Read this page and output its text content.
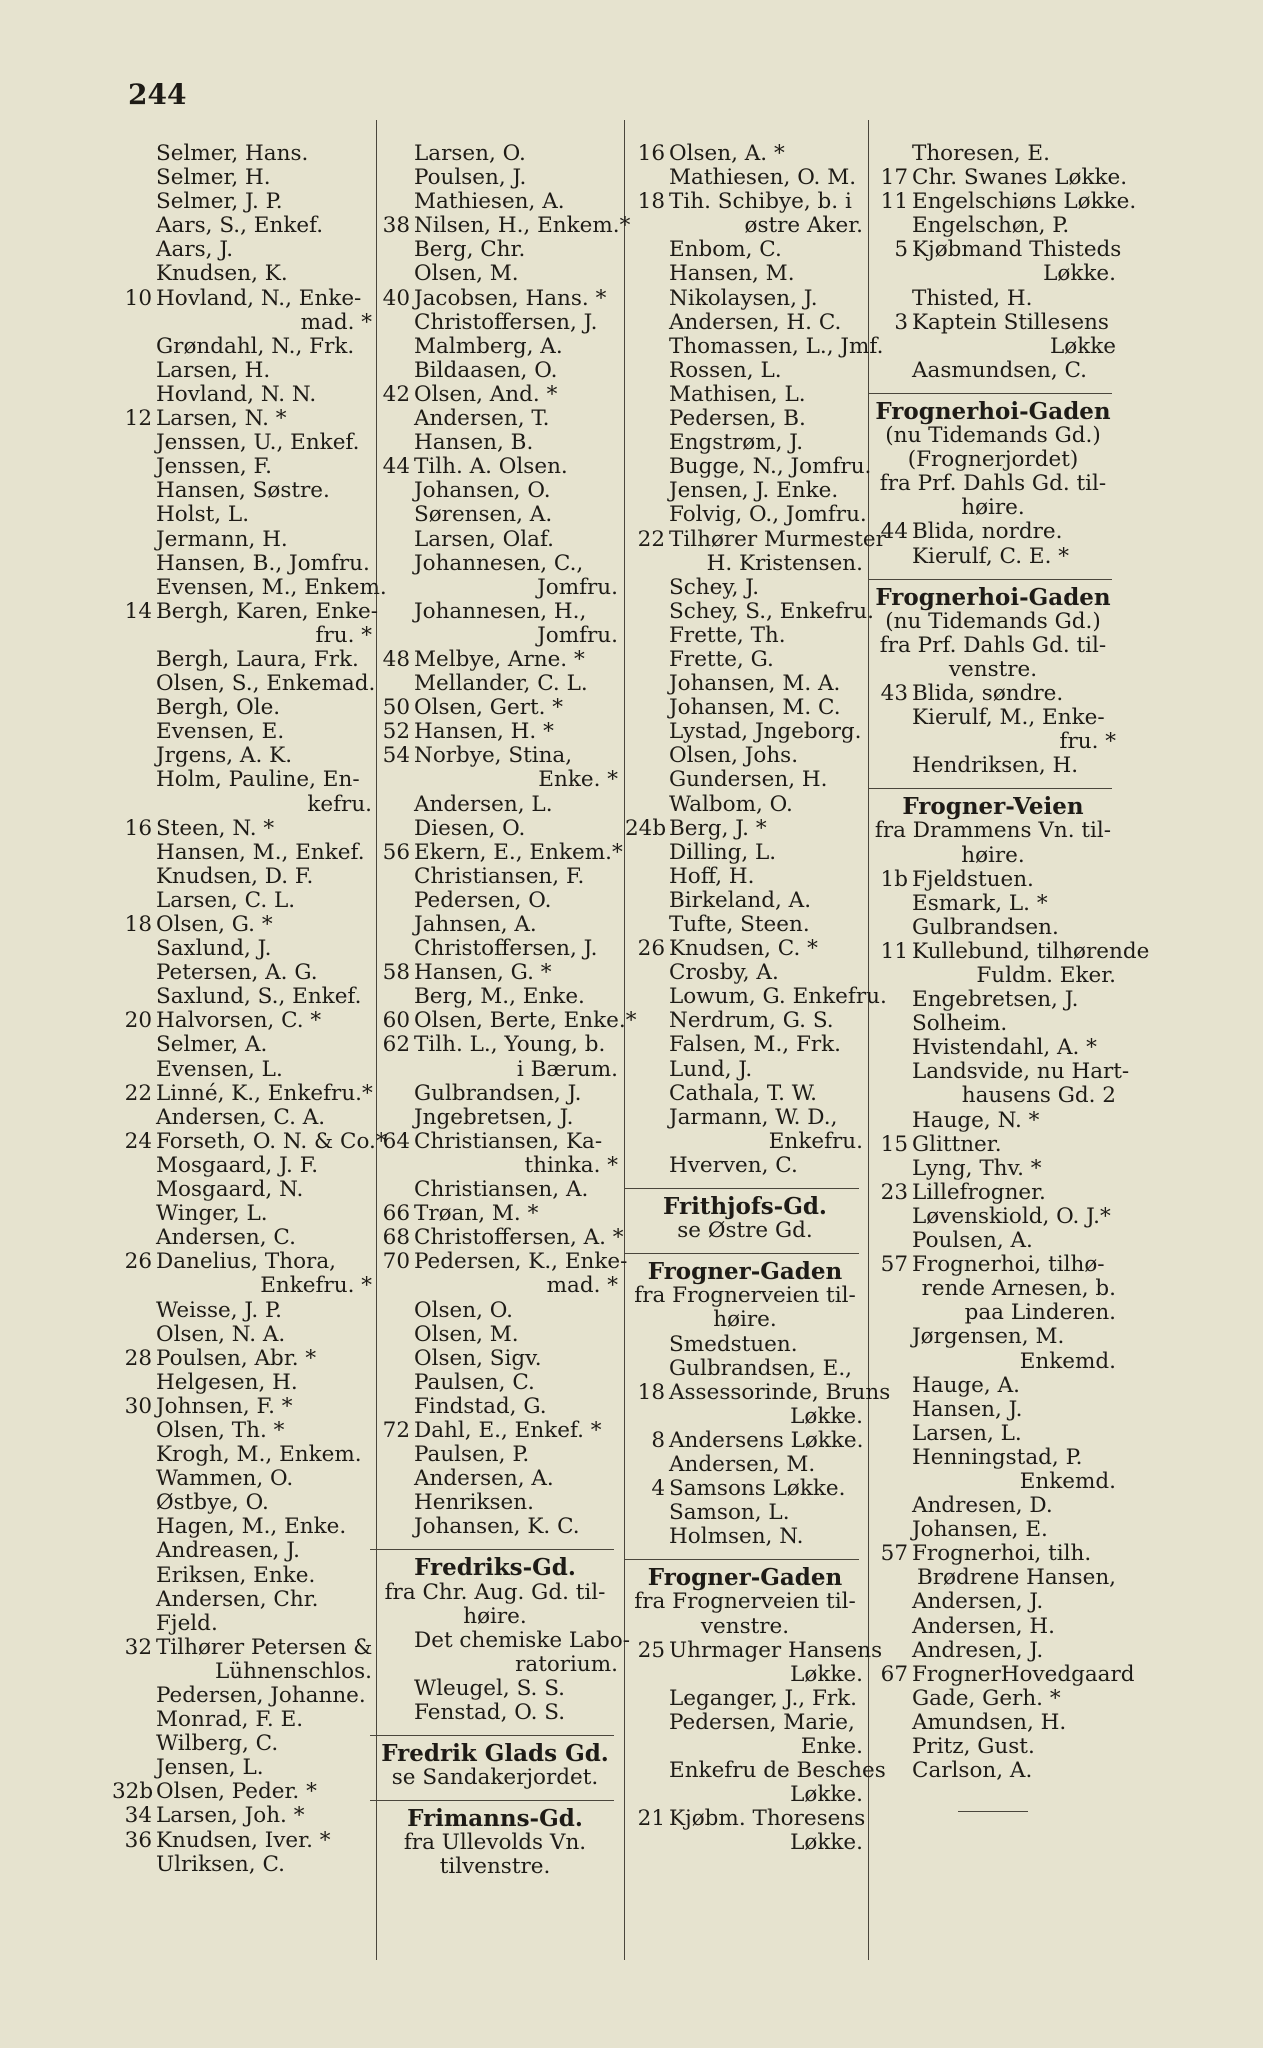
244
Selmer, Hans.
Selmer, H.
Selmer, J. P.
Aars, S., Enkef.
Aars, J.
Knudsen, K.
10 Hovland, N., Enke-
mad. *
Grøndahl, N., Frk.
Larsen, H.
Hovland, N. N.
12 Larsen, N. *
Jenssen, U., Enkef.
Jenssen, F.
Hansen, Søstre.
Holst, L.
Jermann, H.
Hansen, B., Jomfru.
Evensen, M., Enkem.
14 Bergh, Karen, Enke-
fru. *
Bergh, Laura, Frk.
Olsen, S., Enkemad.
Bergh, Ole.
Evensen, E.
Jrgens, A. K.
Holm, Pauline, En-
kefru.
16 Steen, N. *
Hansen, M., Enkef.
Knudsen, D. F.
Larsen, C. L.
18 Olsen, G. *
Saxlund, J.
Petersen, A. G.
Saxlund, S., Enkef.
20 Halvorsen, C. *
Selmer, A.
Evensen, L.
22 Linné, K., Enkefru.*
Andersen, C. A.
24 Forseth, O. N. & Co.*
Mosgaard, J. F.
Mosgaard, N.
Winger, L.
Andersen, C.
26 Danelius, Thora,
Enkefru. *
Weisse, J. P.
Olsen, N. A.
28 Poulsen, Abr. *
Helgesen, H.
30 Johnsen, F. *
Olsen, Th. *
Krogh, M., Enkem.
Wammen, O.
Østbye, O.
Hagen, M., Enke.
Andreasen, J.
Eriksen, Enke.
Andersen, Chr.
Fjeld.
32 Tilhører Petersen &
Lühnenschlos.
Pedersen, Johanne.
Monrad, F. E.
Wilberg, C.
Jensen, L.
32b Olsen, Peder. *
34 Larsen, Joh. *
36 Knudsen, Iver. *
Ulriksen, C.
Larsen, O.
Poulsen, J.
Mathiesen, A.
38 Nilsen, H., Enkem.*
Berg, Chr.
Olsen, M.
40 Jacobsen, Hans. *
Christoffersen, J.
Malmberg, A.
Bildaasen, O.
42 Olsen, And. *
Andersen, T.
Hansen, B.
44 Tilh. A. Olsen.
Johansen, O.
Sørensen, A.
Larsen, Olaf.
Johannesen, C.,
Jomfru.
Johannesen, H.,
Jomfru.
48 Melbye, Arne. *
Mellander, C. L.
50 Olsen, Gert. *
52 Hansen, H. *
54 Norbye, Stina,
Enke. *
Andersen, L.
Diesen, O.
56 Ekern, E., Enkem.*
Christiansen, F.
Pedersen, O.
Jahnsen, A.
Christoffersen, J.
58 Hansen, G. *
Berg, M., Enke.
60 Olsen, Berte, Enke.*
62 Tilh. L., Young, b.
i Bærum.
Gulbrandsen, J.
Jngebretsen, J.
64 Christiansen, Ka-
thinka. *
Christiansen, A.
66 Trøan, M. *
68 Christoffersen, A. *
70 Pedersen, K., Enke-
mad. *
Olsen, O.
Olsen, M.
Olsen, Sigv.
Paulsen, C.
Findstad, G.
72 Dahl, E., Enkef. *
Paulsen, P.
Andersen, A.
Henriksen.
Johansen, K. C.
Fredriks-Gd.
fra Chr. Aug. Gd. til-
høire.
Det chemiske Labo-
ratorium.
Wleugel, S. S.
Fenstad, O. S.
Fredrik Glads Gd.
se Sandakerjordet.
Frimanns-Gd.
fra Ullevolds Vn.
tilvenstre.
16 Olsen, A. *
Mathiesen, O. M.
18 Tih. Schibye, b. i
østre Aker.
Enbom, C.
Hansen, M.
Nikolaysen, J.
Andersen, H. C.
Thomassen, L., Jmf.
Rossen, L.
Mathisen, L.
Pedersen, B.
Engstrøm, J.
Bugge, N., Jomfru.
Jensen, J. Enke.
Folvig, O., Jomfru.
22 Tilhører Murmester
H. Kristensen.
Schey, J.
Schey, S., Enkefru.
Frette, Th.
Frette, G.
Johansen, M. A.
Johansen, M. C.
Lystad, Jngeborg.
Olsen, Johs.
Gundersen, H.
Walbom, O.
24b Berg, J. *
Dilling, L.
Hoff, H.
Birkeland, A.
Tufte, Steen.
26 Knudsen, C. *
Crosby, A.
Lowum, G. Enkefru.
Nerdrum, G. S.
Falsen, M., Frk.
Lund, J.
Cathala, T. W.
Jarmann, W. D.,
Enkefru.
Hverven, C.
Frithjofs-Gd.
se Østre Gd.
Frogner-Gaden
fra Frognerveien til-
høire.
Smedstuen.
Gulbrandsen, E.,
18 Assessorinde, Bruns
Løkke.
8 Andersens Løkke.
Andersen, M.
4 Samsons Løkke.
Samson, L.
Holmsen, N.
Frogner-Gaden
fra Frognerveien til-
venstre.
25 Uhrmager Hansens
Løkke.
Leganger, J., Frk.
Pedersen, Marie,
Enke.
Enkefru de Besches
Løkke.
21 Kjøbm. Thoresens
Løkke.
Thoresen, E.
17 Chr. Swanes Løkke.
11 Engelschiøns Løkke.
Engelschøn, P.
5 Kjøbmand Thisteds
Løkke.
Thisted, H.
3 Kaptein Stillesens
Løkke
Aasmundsen, C.
Frognerhoi-Gaden
(nu Tidemands Gd.)
(Frognerjordet)
fra Prf. Dahls Gd. til-
høire.
44 Blida, nordre.
Kierulf, C. E. *
Frognerhoi-Gaden
(nu Tidemands Gd.)
fra Prf. Dahls Gd. til-
venstre.
43 Blida, søndre.
Kierulf, M., Enke-
fru. *
Hendriksen, H.
Frogner-Veien
fra Drammens Vn. til-
høire.
1b Fjeldstuen.
Esmark, L. *
Gulbrandsen.
11 Kullebund, tilhørende
Fuldm. Eker.
Engebretsen, J.
Solheim.
Hvistendahl, A. *
Landsvide, nu Hart-
hausens Gd. 2
Hauge, N. *
15 Glittner.
Lyng, Thv. *
23 Lillefrogner.
Løvenskiold, O. J.*
Poulsen, A.
57 Frognerhoi, tilhø-
rende Arnesen, b.
paa Linderen.
Jørgensen, M.
Enkemd.
Hauge, A.
Hansen, J.
Larsen, L.
Henningstad, P.
Enkemd.
Andresen, D.
Johansen, E.
57 Frognerhoi, tilh.
Brødrene Hansen,
Andersen, J.
Andersen, H.
Andresen, J.
67 FrognerHovedgaard
Gade, Gerh. *
Amundsen, H.
Pritz, Gust.
Carlson, A.
